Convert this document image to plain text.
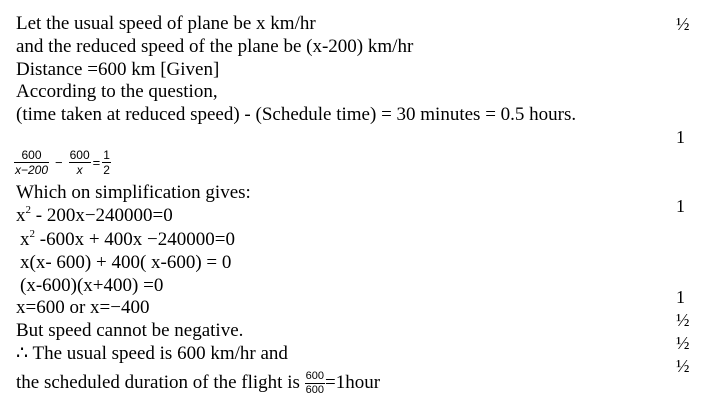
Let the usual speed of plane be x km/hr
and the reduced speed of the plane be (x-200) km/hr
Distance =600 km [Given]
According to the question,
(time taken at reduced speed) - (Schedule time) = 30 minutes = 0.5 hours.
$\frac{600}{x-200} - \frac{600}{x} = \frac{1}{2}$
Which on simplification gives:
$x^2 - 200x-240000=0$
$x^2$ -600x + 400x −240000=0
x(x- 600) + 400( x-600) = 0
(x-600)(x+400) =0
x=600 or x=−400
But speed cannot be negative.
∴ The usual speed is 600 km/hr and
the scheduled duration of the flight is $\frac{600}{600}$ =1hour
½
1
1
1
½
½
½
